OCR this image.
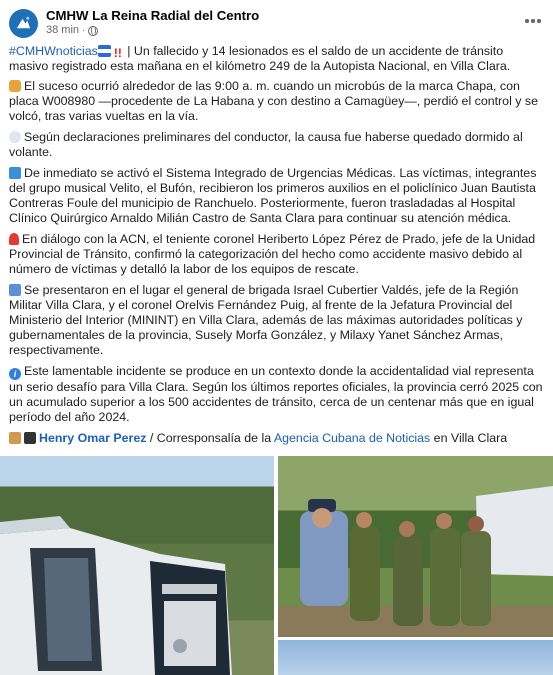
CMHW La Reina Radial del Centro
38 min ·

#CMHWnoticias !! | Un fallecido y 14 lesionados es el saldo de un accidente de tránsito masivo registrado esta mañana en el kilómetro 249 de la Autopista Nacional, en Villa Clara.

El suceso ocurrió alrededor de las 9:00 a. m. cuando un microbús de la marca Chapa, con placa W008980 —procedente de La Habana y con destino a Camagüey—, perdió el control y se volcó, tras varias vueltas en la vía.

Según declaraciones preliminares del conductor, la causa fue haberse quedado dormido al volante.

De inmediato se activó el Sistema Integrado de Urgencias Médicas. Las víctimas, integrantes del grupo musical Velito, el Bufón, recibieron los primeros auxilios en el policlínico Juan Bautista Contreras Foule del municipio de Ranchuelo. Posteriormente, fueron trasladadas al Hospital Clínico Quirúrgico Arnaldo Milián Castro de Santa Clara para continuar su atención médica.

En diálogo con la ACN, el teniente coronel Heriberto López Pérez de Prado, jefe de la Unidad Provincial de Tránsito, confirmó la categorización del hecho como accidente masivo debido al número de víctimas y detalló la labor de los equipos de rescate.

Se presentaron en el lugar el general de brigada Israel Cubertier Valdés, jefe de la Región Militar Villa Clara, y el coronel Orelvis Fernández Puig, al frente de la Jefatura Provincial del Ministerio del Interior (MININT) en Villa Clara, además de las máximas autoridades políticas y gubernamentales de la provincia, Susely Morfa González, y Milaxy Yanet Sánchez Armas, respectivamente.

i Este lamentable incidente se produce en un contexto donde la accidentalidad vial representa un serio desafío para Villa Clara. Según los últimos reportes oficiales, la provincia cerró 2025 con un acumulado superior a los 500 accidentes de tránsito, cerca de un centenar más que en igual período del año 2024.

Henry Omar Perez / Corresponsalía de la Agencia Cubana de Noticias en Villa Clara
